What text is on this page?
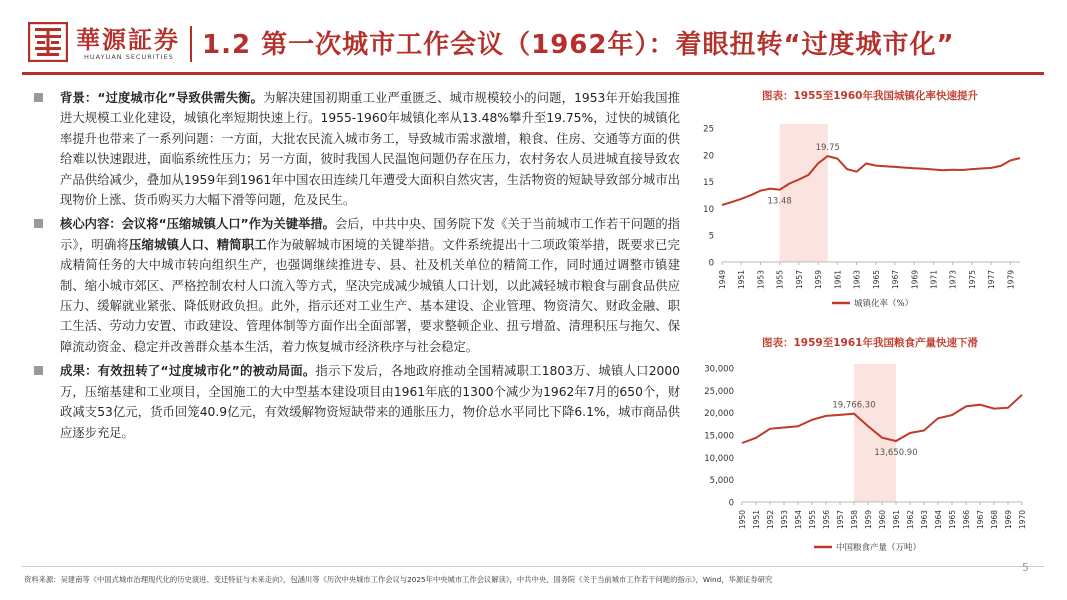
華源証券
HUAYUAN SECURITIES 1.2 第一次城市工作会议（1962年）：着眼扭转“过度城市化”
背景：“过度城市化”导致供需失衡。为解决建国初期重工业严重匮乏、城市规模较小的问题，1953年开始我国推进大规模工业化建设，城镇化率短期快速上行。1955-1960年城镇化率从13.48%攀升至19.75%，过快的城镇化率提升也带来了一系列问题：一方面，大批农民流入城市务工，导致城市需求激增，粮食、住房、交通等方面的供给难以快速跟进，面临系统性压力；另一方面，彼时我国人民温饱问题仍存在压力，农村务农人员进城直接导致农产品供给减少，叠加从1959年到1961年中国农田连续几年遭受大面积自然灾害，生活物资的短缺导致部分城市出现物价上涨、货币购买力大幅下滑等问题，危及民生。
核心内容：会议将“压缩城镇人口”作为关键举措。会后，中共中央、国务院下发《关于当前城市工作若干问题的指示》，明确将压缩城镇人口、精简职工作为破解城市困境的关键举措。文件系统提出十二项政策举措，既要求已完成精简任务的大中城市转向组织生产，也强调继续推进专、县、社及机关单位的精简工作，同时通过调整市镇建制、缩小城市郊区、严格控制农村人口流入等方式，坚决完成减少城镇人口计划，以此减轻城市粮食与副食品供应压力、缓解就业紧张、降低财政负担。此外，指示还对工业生产、基本建设、企业管理、物资清欠、财政金融、职工生活、劳动力安置、市政建设、管理体制等方面作出全面部署，要求整顿企业、扭亏增盈、清理积压与拖欠、保障流动资金、稳定并改善群众基本生活，着力恢复城市经济秩序与社会稳定。
成果：有效扭转了“过度城市化”的被动局面。指示下发后，各地政府推动全国精减职工1803万、城镇人口2000万，压缩基建和工业项目，全国施工的大中型基本建设项目由1961年底的1300个减少为1962年7月的650个，财政减支53亿元，货币回笼40.9亿元，有效缓解物资短缺带来的通胀压力，物价总水平同比下降6.1%，城市商品供应逐步充足。
图表：1955至1960年我国城镇化率快速提升
0
5
10
15
20
25
1949 1951 1953 1955 1957 1959 1961 1963 1965 1967 1969 1971 1973 1975 1977 1979
13.48
19.75
城镇化率（%）
图表：1959至1961年我国粮食产量快速下滑
0
5,000
10,000
15,000
20,000
25,000
30,000
1950 1951 1952 1953 1954 1955 1956 1957 1958 1959 1960 1961 1962 1963 1964 1965 1966 1967 1968 1969 1970
19,766.30
13,650.90
中国粮食产量（万吨）
资料来源：吴建南等《中国式城市治理现代化的历史演进、变迁特征与未来走向》，包涵川等《历次中央城市工作会议与2025年中央城市工作会议解读》，中共中央、国务院《关于当前城市工作若干问题的指示》，Wind，华源证券研究
5
